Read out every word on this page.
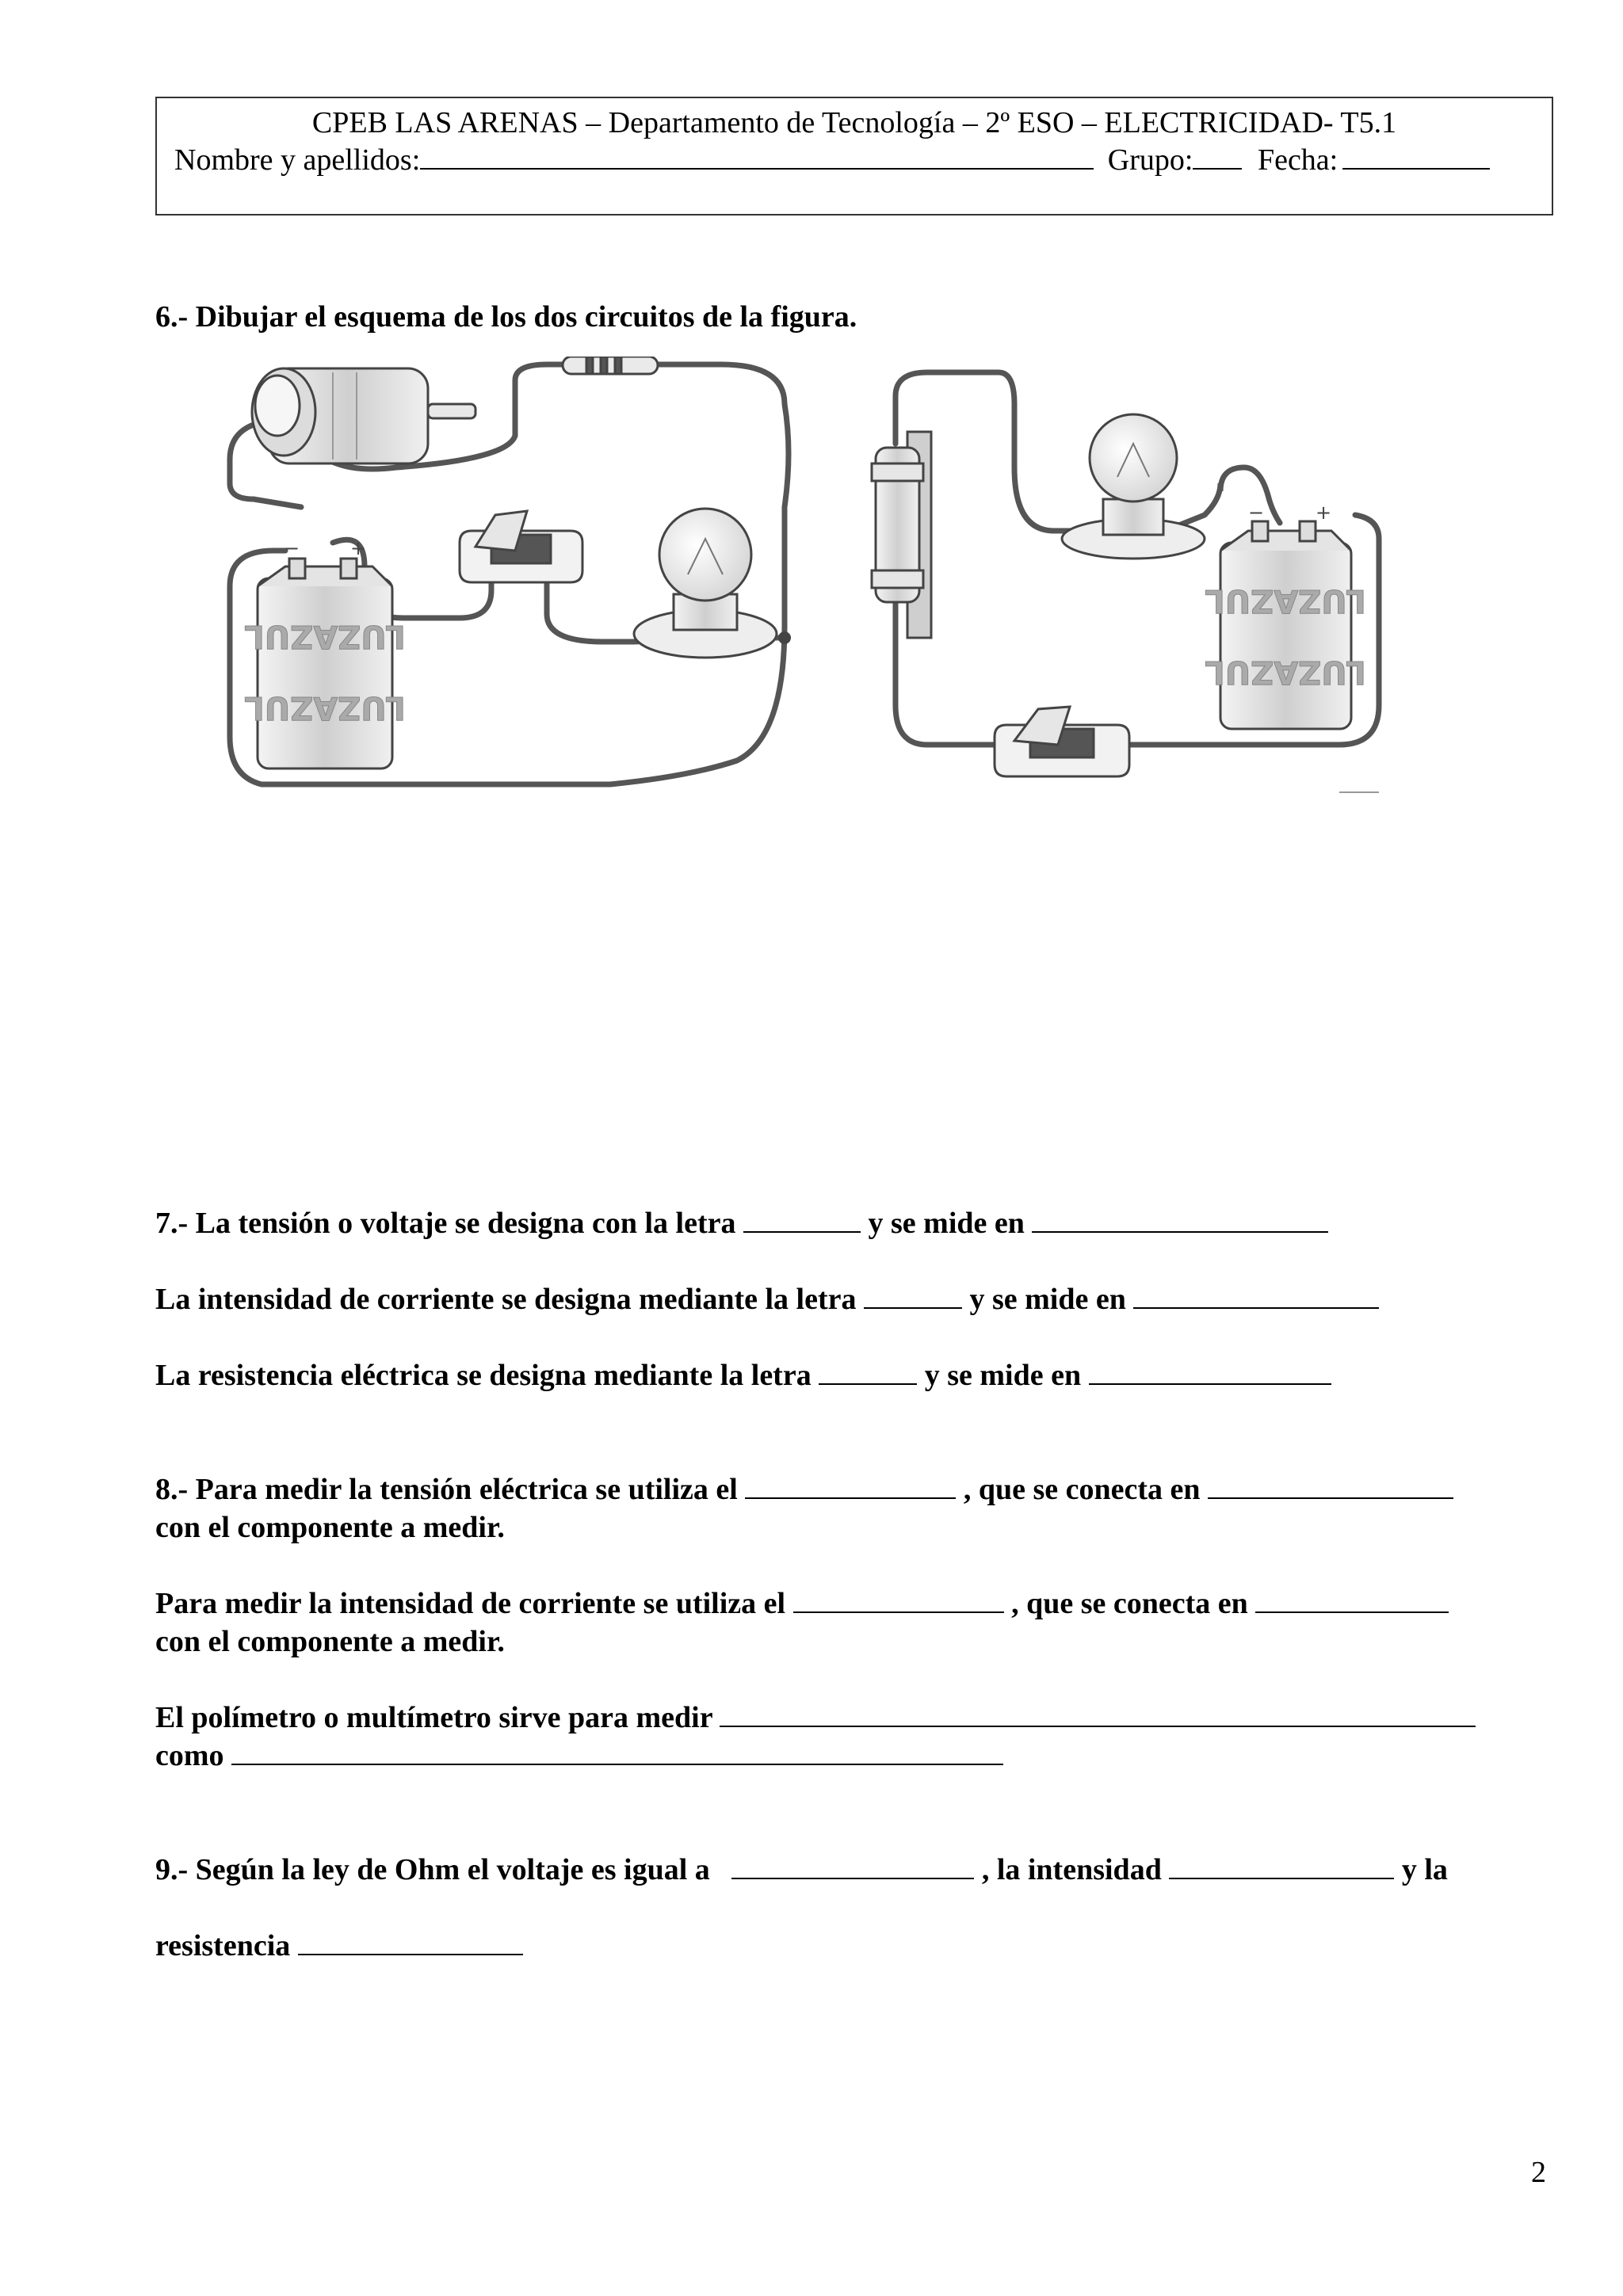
CPEB LAS ARENAS – Departamento de Tecnología – 2º ESO – ELECTRICIDAD- T5.1
Nombre y apellidos:	Grupo: Fecha:
6.- Dibujar el esquema de los dos circuitos de la figura.
LUZAZUL
LUZAZUL
−	+
LUZAZUL
LUZAZUL
−	+
7.- La tensión o voltaje se designa con la letra	y se mide en
La intensidad de corriente se designa mediante la letra	y se mide en
La resistencia eléctrica se designa mediante la letra	y se mide en
8.- Para medir la tensión eléctrica se utiliza el	, que se conecta en
con el componente a medir.
Para medir la intensidad de corriente se utiliza el	, que se conecta en
con el componente a medir.
El polímetro o multímetro sirve para medir
como
9.- Según la ley de Ohm el voltaje es igual a	, la intensidad	y la
resistencia
2
